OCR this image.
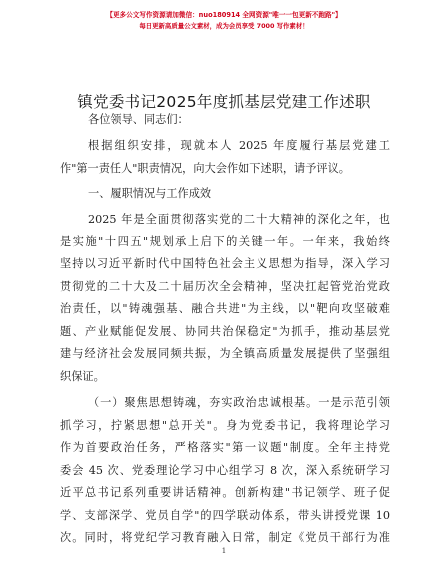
【更多公文写作资源请加微信：nuo180914 全网资源"唯一一包更新不跑路"】
每日更新高质量公文素材，成为会员享受 7000 写作素材！
镇党委书记2025年度抓基层党建工作述职
各位领导、同志们：
根据组织安排，现就本人 2025 年度履行基层党建工
作"第一责任人"职责情况，向大会作如下述职，请予评议。
一、履职情况与工作成效
2025 年是全面贯彻落实党的二十大精神的深化之年，也
是实施"十四五"规划承上启下的关键一年。一年来，我始终
坚持以习近平新时代中国特色社会主义思想为指导，深入学习
贯彻党的二十大及二十届历次全会精神，坚决扛起管党治党政
治责任，以"铸魂强基、融合共进"为主线，以"靶向攻坚破难
题、产业赋能促发展、协同共治保稳定"为抓手，推动基层党
建与经济社会发展同频共振，为全镇高质量发展提供了坚强组
织保证。
（一）聚焦思想铸魂，夯实政治忠诚根基。一是示范引领
抓学习，拧紧思想"总开关"。身为党委书记，我将理论学习
作为首要政治任务，严格落实"第一议题"制度。全年主持党
委会 45 次、党委理论学习中心组学习 8 次，深入系统研学习
近平总书记系列重要讲话精神。创新构建"书记领学、班子促
学、支部深学、党员自学"的四学联动体系，带头讲授党课 10
次。同时，将党纪学习教育融入日常，制定《党员干部行为准
1
